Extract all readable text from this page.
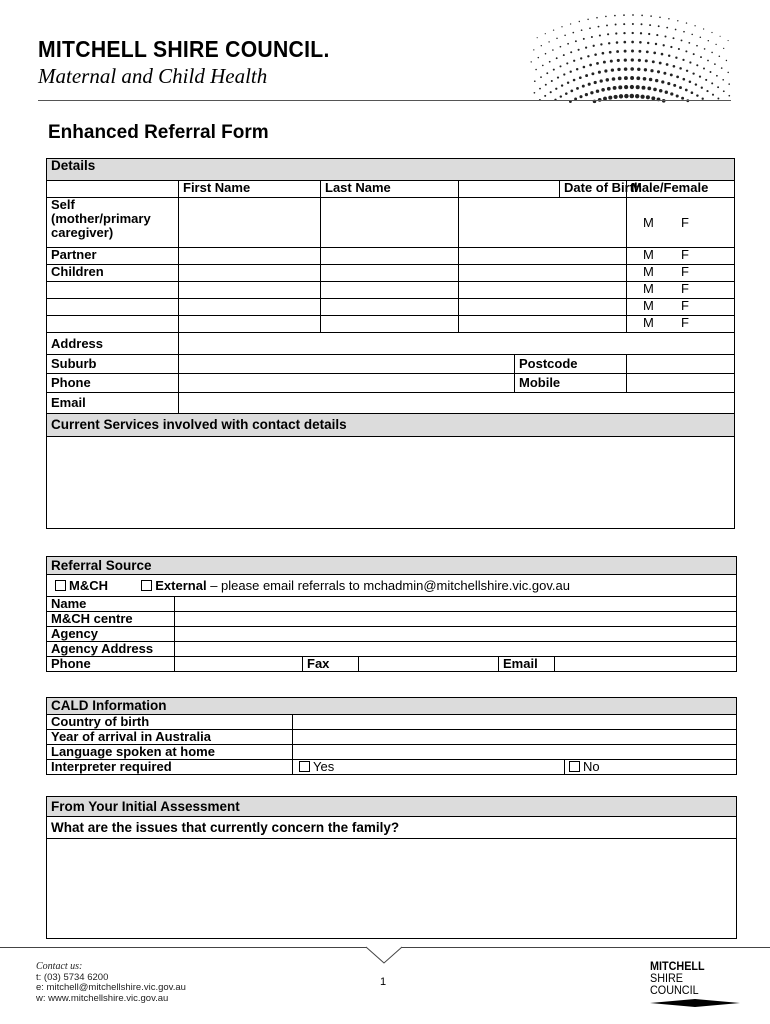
MITCHELL SHIRE COUNCIL.
Maternal and Child Health
Enhanced Referral Form
Details						
	First Name	Last Name			Date of Birth	Male/Female
Self (mother/primary caregiver)						M F
Partner						M F
Children						M F
						M F
						M F
						M F
Address						
Suburb				Postcode		
Phone				Mobile		
Email						
Current Services involved with contact details						

Referral Source					
M&CH External – please email referrals to mchadmin@mitchellshire.vic.gov.au					
Name					
M&CH centre					
Agency					
Agency Address					
Phone		Fax		Email	
CALD Information		
Country of birth		
Year of arrival in Australia		
Language spoken at home		
Interpreter required	Yes	No
From Your Initial Assessment
What are the issues that currently concern the family?

Contact us:
t: (03) 5734 6200
e: mitchell@mitchellshire.vic.gov.au
w: www.mitchellshire.vic.gov.au
1
MITCHELL
SHIRE COUNCIL
